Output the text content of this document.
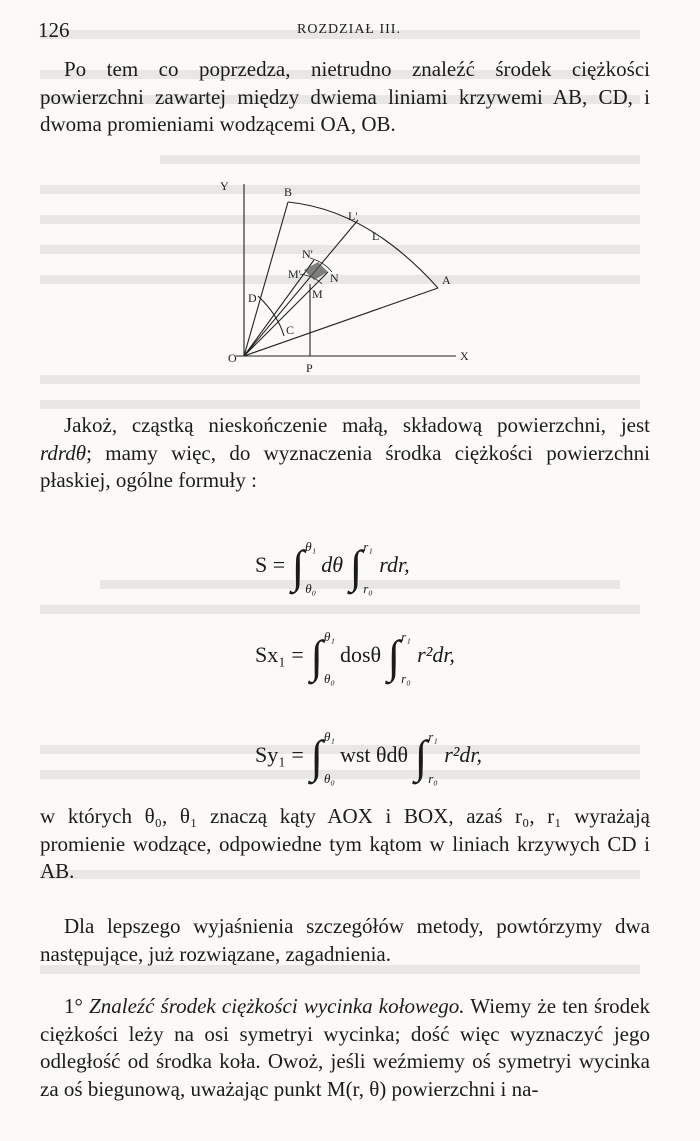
126	ROZDZIAŁ III.

Po tem co poprzedza, nietrudno znaleźć środek ciężkości powierzchni zawartej między dwiema liniami krzywemi AB, CD, i dwoma promieniami wodzącemi OA, OB.

Y
X
O
P
A
B
C
D
L
L'
M'
M
N
N'

Jakoż, cząstką nieskończenie małą, składową powierzchni, jest rdrdθ; mamy więc, do wyznaczenia środka ciężkości powierzchni płaskiej, ogólne formuły :

S = ∫ θ₁
θ₀
dθ ∫ r₁
r₀
rdr,
Sx₁ = ∫ θ₁
θ₀
dosθ ∫ r₁
r₀
r²dr,
Sy₁ = ∫ θ₁
θ₀
wst θdθ ∫ r₁
r₀
r²dr,

w których θ₀, θ₁ znaczą kąty AOX i BOX, azaś r₀, r₁ wyrażają promienie wodzące, odpowiedne tym kątom w liniach krzywych CD i AB.

Dla lepszego wyjaśnienia szczegółów metody, powtórzymy dwa następujące, już rozwiązane, zagadnienia.

1° Znaleźć środek ciężkości wycinka kołowego. Wiemy że ten środek ciężkości leży na osi symetryi wycinka; dość więc wyznaczyć jego odległość od środka koła. Owoż, jeśli weźmiemy oś symetryi wycinka za oś biegunową, uważając punkt M(r, θ) powierzchni i na-
